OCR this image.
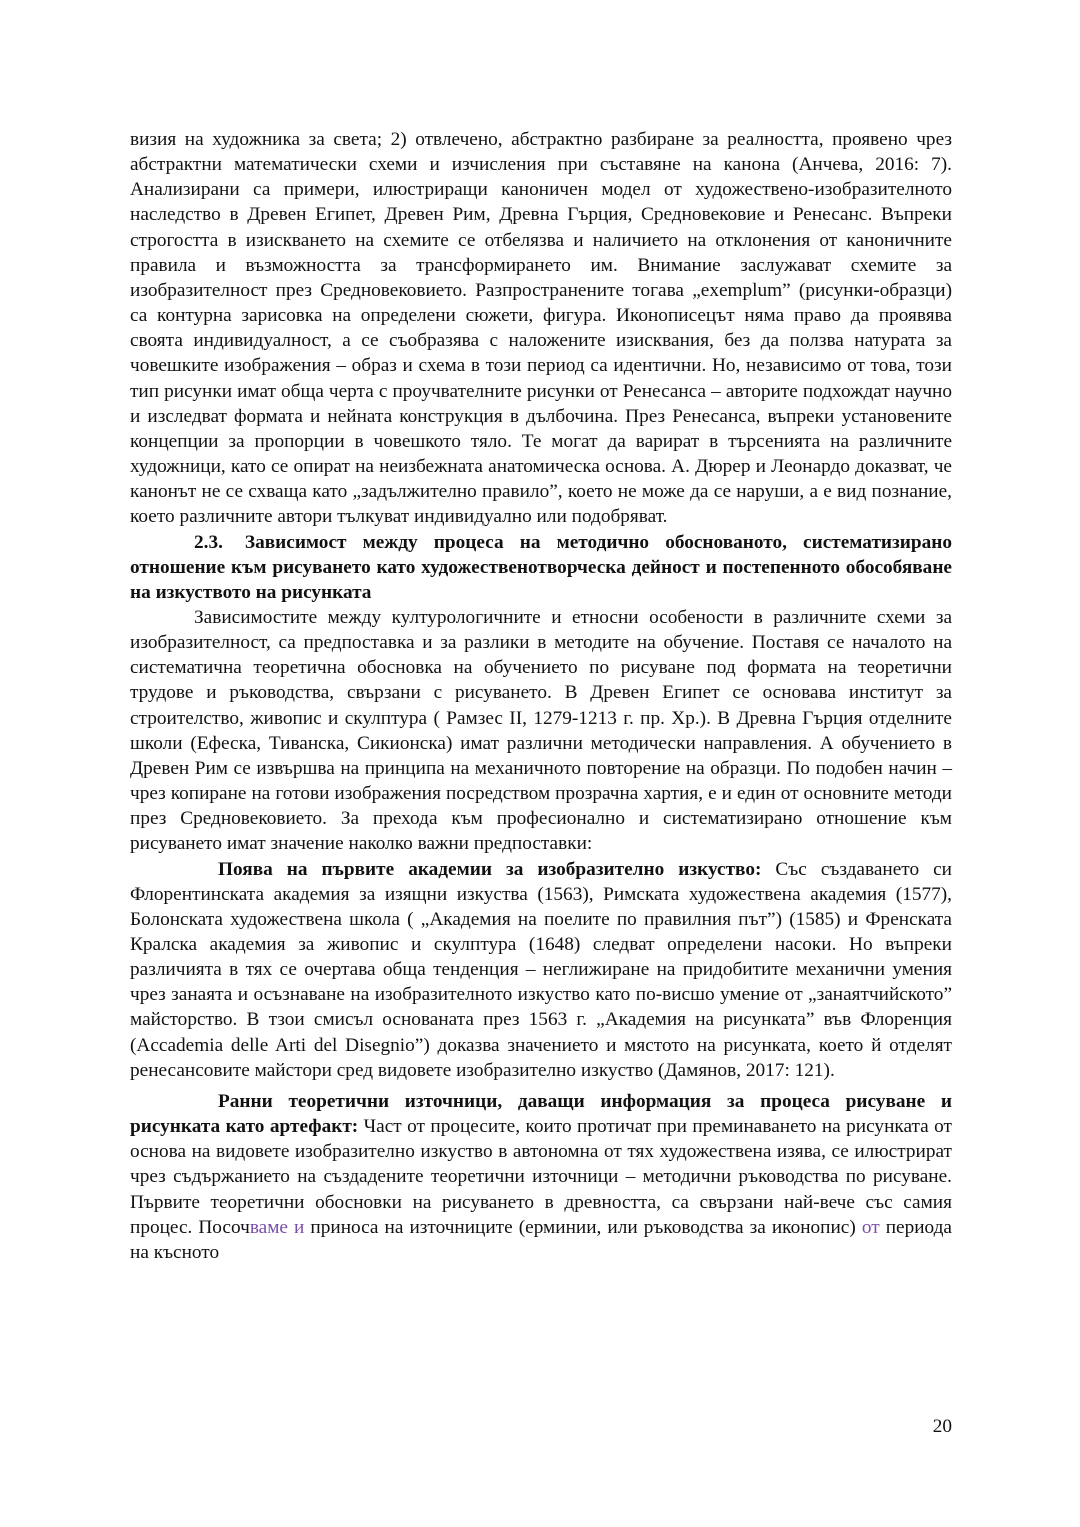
визия на художника за света; 2) отвлечено, абстрактно разбиране за реалността, проявено чрез абстрактни математически схеми и изчисления при съставяне на канона (Анчева, 2016: 7). Анализирани са примери, илюстриращи каноничен модел от художествено-изобразителното наследство в Древен Египет, Древен Рим, Древна Гърция, Средновековие и Ренесанс. Въпреки строгостта в изискването на схемите се отбелязва и наличието на отклонения от каноничните правила и възможността за трансформирането им. Внимание заслужават схемите за изобразителност през Средновековието. Разпространените тогава „exemplum” (рисунки-образци) са контурна зарисовка на определени сюжети, фигура. Иконописецът няма право да проявява своята индивидуалност, а се съобразява с наложените изисквания, без да ползва натурата за човешките изображения – образ и схема в този период са идентични. Но, независимо от това, този тип рисунки имат обща черта с проучвателните рисунки от Ренесанса – авторите подхождат научно и изследват формата и нейната конструкция в дълбочина. През Ренесанса, въпреки установените концепции за пропорции в човешкото тяло. Те могат да варират в търсенията на различните художници, като се опират на неизбежната анатомическа основа. А. Дюрер и Леонардо доказват, че канонът не се схваща като „задължително правило”, което не може да се наруши, а е вид познание, което различните автори тълкуват индивидуално или подобряват.

2.3. Зависимост между процеса на методично обоснованото, систематизирано отношение към рисуването като художественотворческа дейност и постепенното обособяване на изкуството на рисунката

Зависимостите между културологичните и етносни особености в различните схеми за изобразителност, са предпоставка и за разлики в методите на обучение. Поставя се началото на систематична теоретична обосновка на обучението по рисуване под формата на теоретични трудове и ръководства, свързани с рисуването. В Древен Египет се основава институт за строителство, живопис и скулптура ( Рамзес II, 1279-1213 г. пр. Хр.). В Древна Гърция отделните школи (Ефеска, Тиванска, Сикионска) имат различни методически направления. А обучението в Древен Рим се извършва на принципа на механичното повторение на образци. По подобен начин – чрез копиране на готови изображения посредством прозрачна хартия, е и един от основните методи през Средновековието. За прехода към професионално и систематизирано отношение към рисуването имат значение наколко важни предпоставки:

Поява на първите академии за изобразително изкуство: Със създаването си Флорентинската академия за изящни изкуства (1563), Римската художествена академия (1577), Болонската художествена школа ( „Академия на поелите по правилния път”) (1585) и Френската Кралска академия за живопис и скулптура (1648) следват определени насоки. Но въпреки различията в тях се очертава обща тенденция – неглижиране на придобитите механични умения чрез занаята и осъзнаване на изобразителното изкуство като по-висшо умение от „занаятчийското” майсторство. В тзои смисъл основаната през 1563 г. „Академия на рисунката” във Флоренция (Accademia delle Arti del Disegnio”) доказва значението и мястото на рисунката, което й отделят ренесансовите майстори сред видовете изобразително изкуство (Дамянов, 2017: 121).

Ранни теоретични източници, даващи информация за процеса рисуване и рисунката като артефакт: Част от процесите, които протичат при преминаването на рисунката от основа на видовете изобразително изкуство в автономна от тях художествена изява, се илюстрират чрез съдържанието на създадените теоретични източници – методични ръководства по рисуване. Първите теоретични обосновки на рисуването в древността, са свързани най-вече със самия процес. Посочваме и приноса на източниците (ерминии, или ръководства за иконопис) от периода на късното

20
